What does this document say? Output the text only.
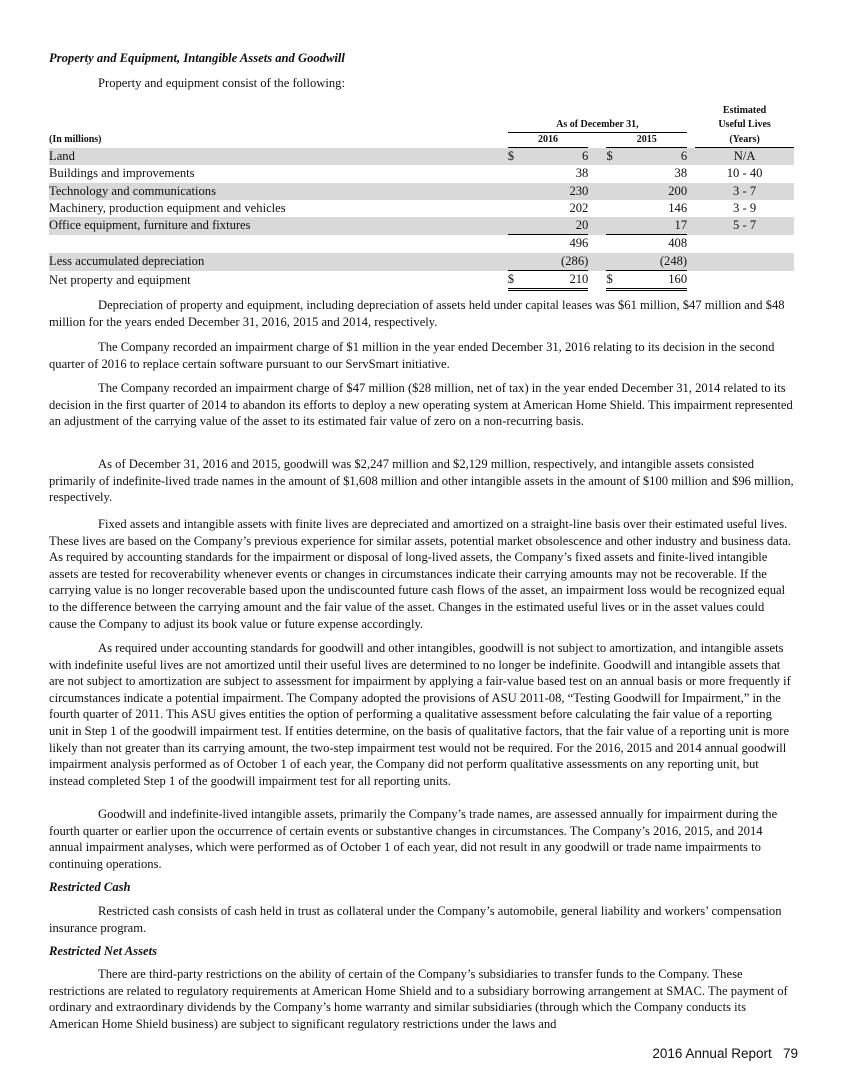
Property and Equipment, Intangible Assets and Goodwill

Property and equipment consist of the following:

							Estimated
	As of December 31,						Useful Lives
(In millions)	2016			2015			(Years)
Land	$	6		$	6		N/A
Buildings and improvements		38			38		10 - 40
Technology and communications		230			200		3 - 7
Machinery, production equipment and vehicles		202			146		3 - 9
Office equipment, furniture and fixtures		20			17		5 - 7
		496			408		
Less accumulated depreciation		(286)			(248)		
Net property and equipment	$	210		$	160		

Depreciation of property and equipment, including depreciation of assets held under capital leases was $61 million, $47 million and $48 million for the years ended December 31, 2016, 2015 and 2014, respectively.

The Company recorded an impairment charge of $1 million in the year ended December 31, 2016 relating to its decision in the second quarter of 2016 to replace certain software pursuant to our ServSmart initiative.

The Company recorded an impairment charge of $47 million ($28 million, net of tax) in the year ended December 31, 2014 related to its decision in the first quarter of 2014 to abandon its efforts to deploy a new operating system at American Home Shield. This impairment represented an adjustment of the carrying value of the asset to its estimated fair value of zero on a non-recurring basis.

As of December 31, 2016 and 2015, goodwill was $2,247 million and $2,129 million, respectively, and intangible assets consisted primarily of indefinite-lived trade names in the amount of $1,608 million and other intangible assets in the amount of $100 million and $96 million, respectively.

Fixed assets and intangible assets with finite lives are depreciated and amortized on a straight-line basis over their estimated useful lives. These lives are based on the Company’s previous experience for similar assets, potential market obsolescence and other industry and business data. As required by accounting standards for the impairment or disposal of long-lived assets, the Company’s fixed assets and finite-lived intangible assets are tested for recoverability whenever events or changes in circumstances indicate their carrying amounts may not be recoverable. If the carrying value is no longer recoverable based upon the undiscounted future cash flows of the asset, an impairment loss would be recognized equal to the difference between the carrying amount and the fair value of the asset. Changes in the estimated useful lives or in the asset values could cause the Company to adjust its book value or future expense accordingly.

As required under accounting standards for goodwill and other intangibles, goodwill is not subject to amortization, and intangible assets with indefinite useful lives are not amortized until their useful lives are determined to no longer be indefinite. Goodwill and intangible assets that are not subject to amortization are subject to assessment for impairment by applying a fair-value based test on an annual basis or more frequently if circumstances indicate a potential impairment. The Company adopted the provisions of ASU 2011-08, “Testing Goodwill for Impairment,” in the fourth quarter of 2011. This ASU gives entities the option of performing a qualitative assessment before calculating the fair value of a reporting unit in Step 1 of the goodwill impairment test. If entities determine, on the basis of qualitative factors, that the fair value of a reporting unit is more likely than not greater than its carrying amount, the two-step impairment test would not be required. For the 2016, 2015 and 2014 annual goodwill impairment analysis performed as of October 1 of each year, the Company did not perform qualitative assessments on any reporting unit, but instead completed Step 1 of the goodwill impairment test for all reporting units.

Goodwill and indefinite-lived intangible assets, primarily the Company’s trade names, are assessed annually for impairment during the fourth quarter or earlier upon the occurrence of certain events or substantive changes in circumstances. The Company’s 2016, 2015, and 2014 annual impairment analyses, which were performed as of October 1 of each year, did not result in any goodwill or trade name impairments to continuing operations.

Restricted Cash

Restricted cash consists of cash held in trust as collateral under the Company’s automobile, general liability and workers’ compensation insurance program.

Restricted Net Assets

There are third-party restrictions on the ability of certain of the Company’s subsidiaries to transfer funds to the Company. These restrictions are related to regulatory requirements at American Home Shield and to a subsidiary borrowing arrangement at SMAC. The payment of ordinary and extraordinary dividends by the Company’s home warranty and similar subsidiaries (through which the Company conducts its American Home Shield business) are subject to significant regulatory restrictions under the laws and

2016 Annual Report   79
